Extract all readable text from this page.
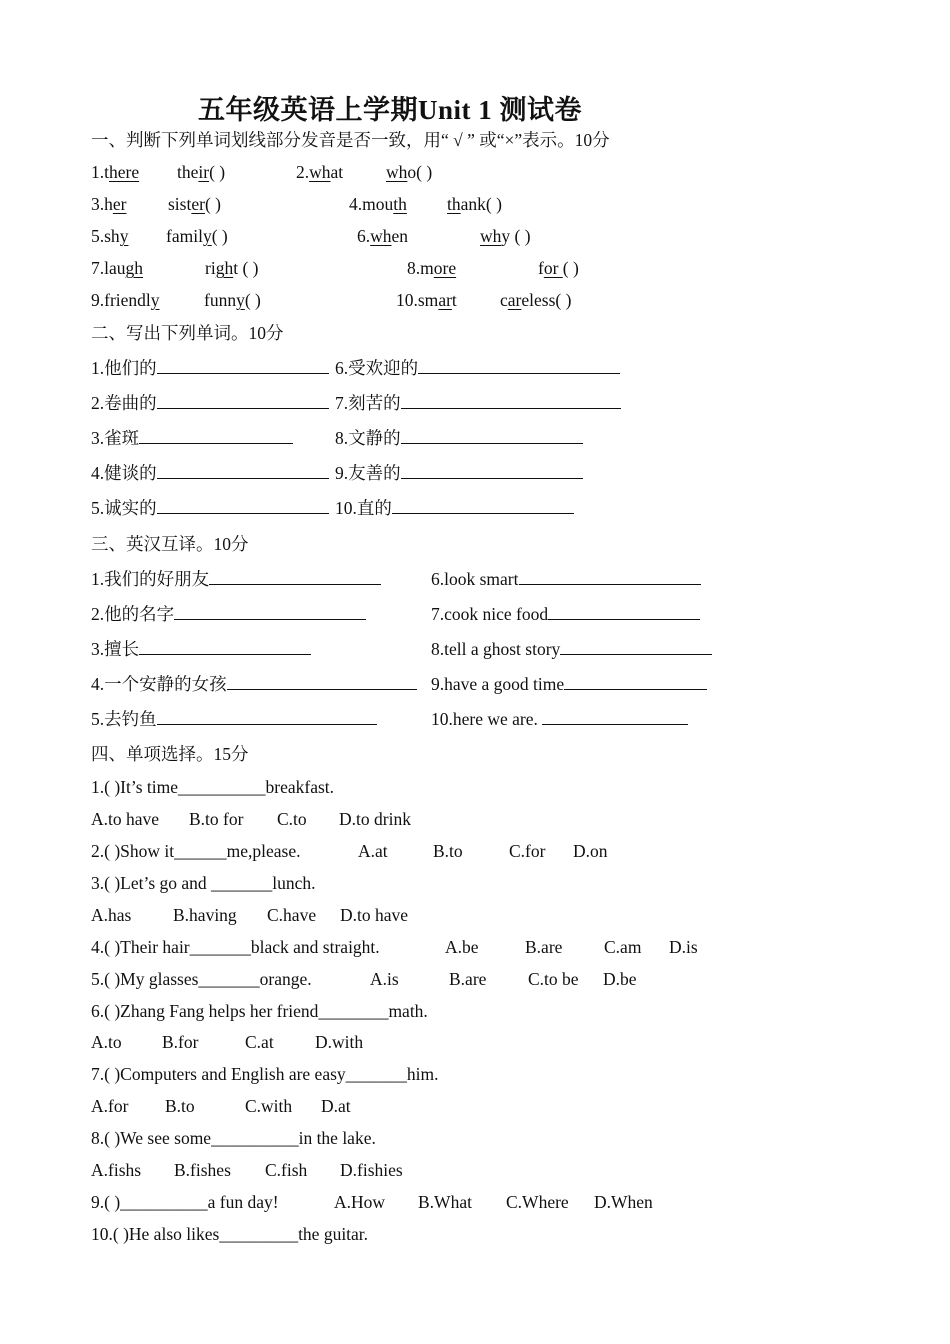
五年级英语上学期Unit 1 测试卷
一、判断下列单词划线部分发音是否一致，用“ √ ” 或“×”表示。10分
1.there their( )	2.what who( )
3.her sister( )	4.mouth thank( )
5.shy family( )	6.when	why ( )
7.laugh	right ( )	8.more	for ( )
9.friendly	funny( )	10.smart careless( )
二、写出下列单词。10分
1.他们的	6.受欢迎的
2.卷曲的	7.刻苦的
3.雀斑	8.文静的
4.健谈的	9.友善的
5.诚实的	10.直的
三、英汉互译。10分
1.我们的好朋友	6.look smart
2.他的名字	7.cook nice food
3.擅长	8.tell a ghost story
4.一个安静的女孩	9.have a good time
5.去钓鱼	10.here we are.
四、单项选择。15分
1.( )It’s time__________breakfast.
A.to have B.to for C.to D.to drink
2.( )Show it______me,please.	A.at	B.to	C.for D.on
3.( )Let’s go and _______lunch.
A.has B.having C.have D.to have
4.( )Their hair_______black and straight.	A.be	B.are C.am D.is
5.( )My glasses_______orange.	A.is	B.are C.to be D.be
6.( )Zhang Fang helps her friend________math.
A.to B.for	C.at D.with
7.( )Computers and English are easy_______him.
A.for B.to	C.with D.at
8.( )We see some__________in the lake.
A.fishs B.fishes C.fish D.fishies
9.( )__________a fun day!	A.How B.What C.Where D.When
10.( )He also likes_________the guitar.
